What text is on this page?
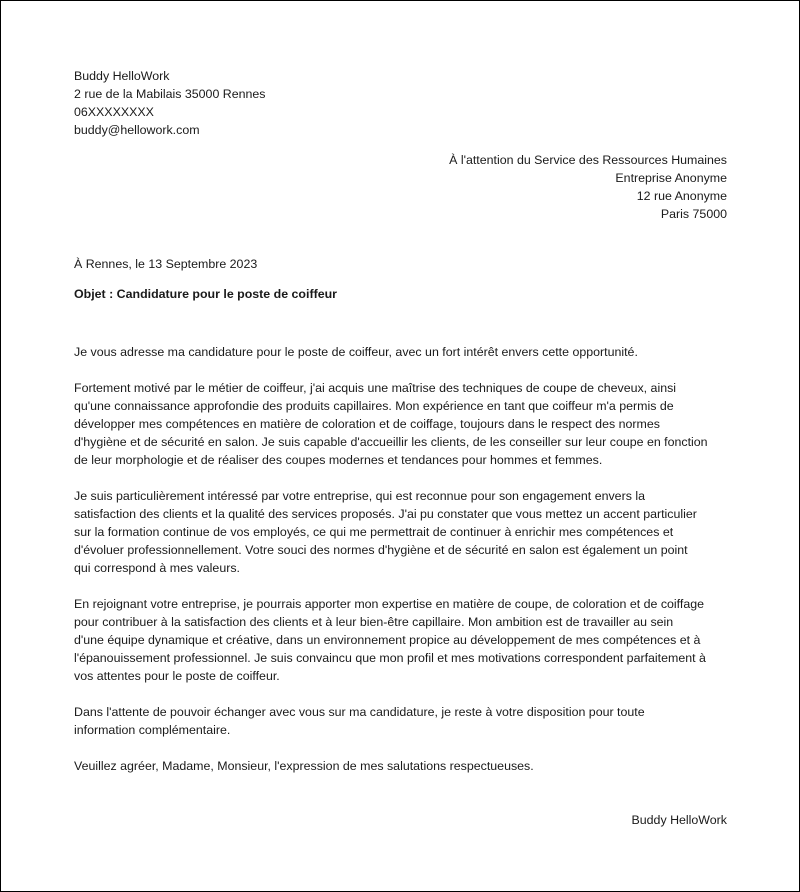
Buddy HelloWork
2 rue de la Mabilais 35000 Rennes
06XXXXXXXX
buddy@hellowork.com
À l'attention du Service des Ressources Humaines
Entreprise Anonyme
12 rue Anonyme
Paris 75000
À Rennes, le 13 Septembre 2023
Objet : Candidature pour le poste de coiffeur

Je vous adresse ma candidature pour le poste de coiffeur, avec un fort intérêt envers cette opportunité.

Fortement motivé par le métier de coiffeur, j'ai acquis une maîtrise des techniques de coupe de cheveux, ainsi
qu'une connaissance approfondie des produits capillaires. Mon expérience en tant que coiffeur m'a permis de
développer mes compétences en matière de coloration et de coiffage, toujours dans le respect des normes
d'hygiène et de sécurité en salon. Je suis capable d'accueillir les clients, de les conseiller sur leur coupe en fonction
de leur morphologie et de réaliser des coupes modernes et tendances pour hommes et femmes.

Je suis particulièrement intéressé par votre entreprise, qui est reconnue pour son engagement envers la
satisfaction des clients et la qualité des services proposés. J'ai pu constater que vous mettez un accent particulier
sur la formation continue de vos employés, ce qui me permettrait de continuer à enrichir mes compétences et
d'évoluer professionnellement. Votre souci des normes d'hygiène et de sécurité en salon est également un point
qui correspond à mes valeurs.

En rejoignant votre entreprise, je pourrais apporter mon expertise en matière de coupe, de coloration et de coiffage
pour contribuer à la satisfaction des clients et à leur bien-être capillaire. Mon ambition est de travailler au sein
d'une équipe dynamique et créative, dans un environnement propice au développement de mes compétences et à
l'épanouissement professionnel. Je suis convaincu que mon profil et mes motivations correspondent parfaitement à
vos attentes pour le poste de coiffeur.

Dans l'attente de pouvoir échanger avec vous sur ma candidature, je reste à votre disposition pour toute
information complémentaire.

Veuillez agréer, Madame, Monsieur, l'expression de mes salutations respectueuses.

Buddy HelloWork
